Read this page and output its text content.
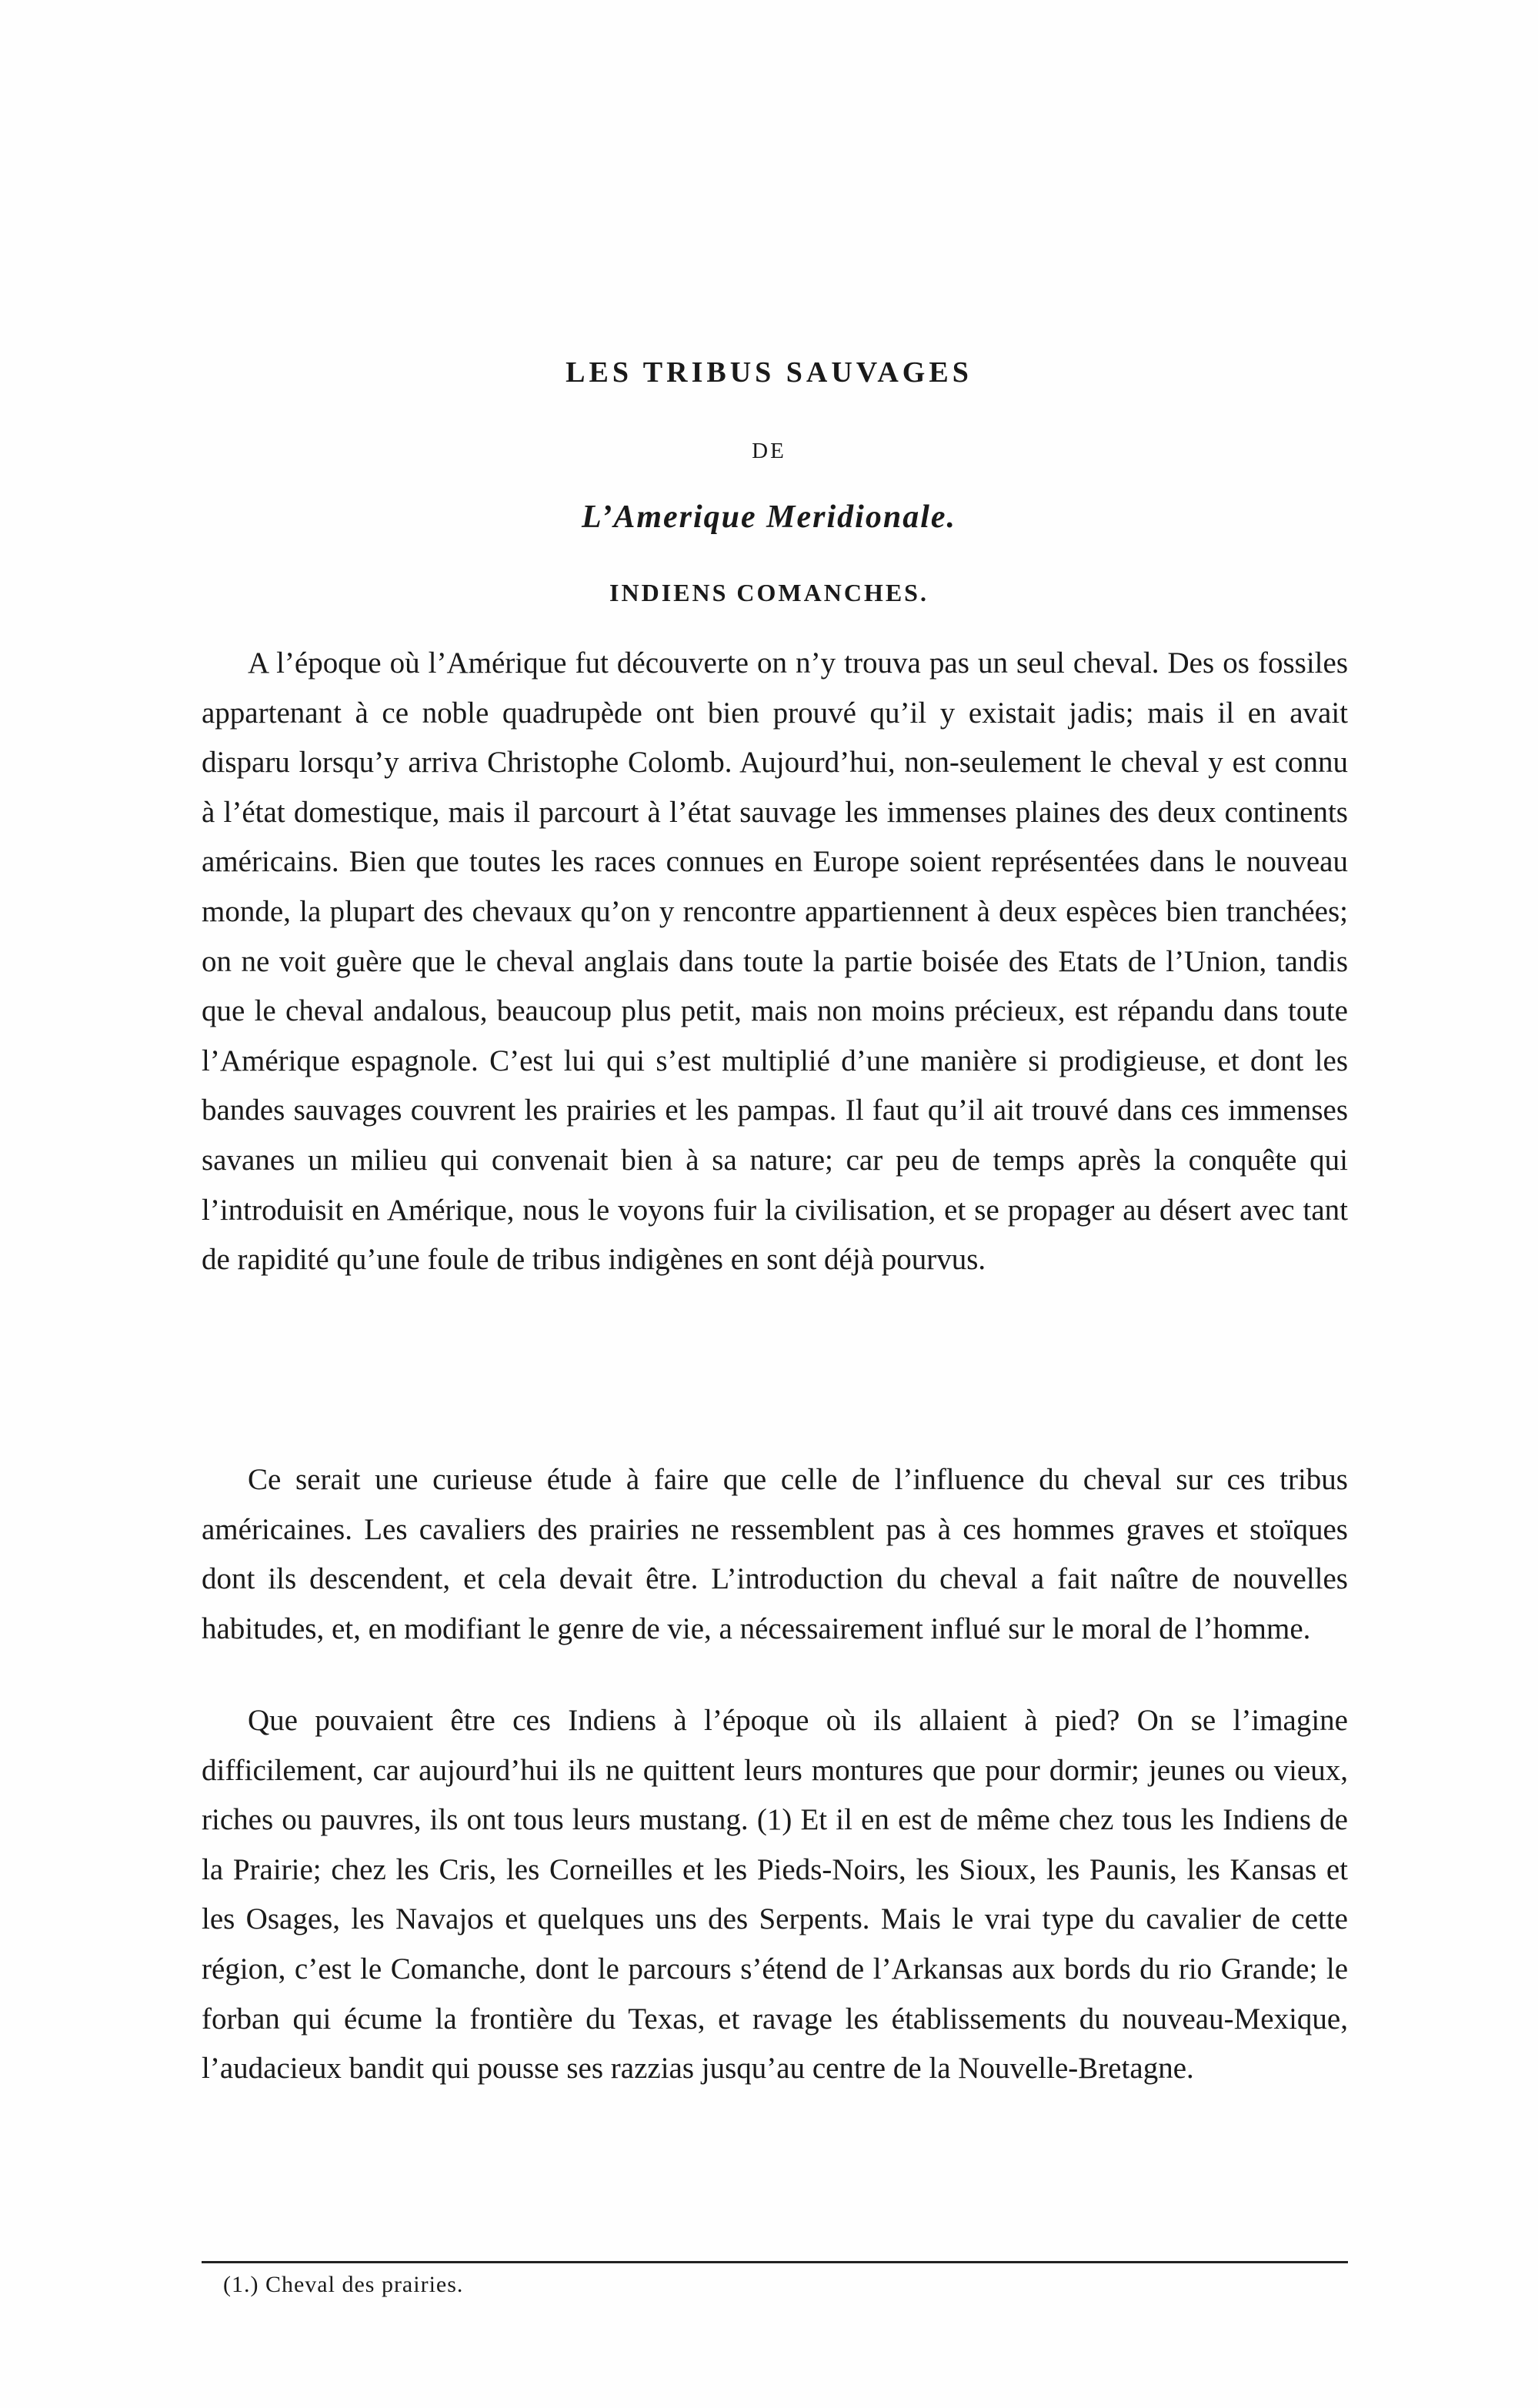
LES TRIBUS SAUVAGES
DE
L’Amerique Meridionale.
INDIENS COMANCHES.

A l’époque où l’Amérique fut découverte on n’y trouva pas un seul cheval. Des os fossiles appartenant à ce noble quadrupède ont bien prouvé qu’il y existait jadis; mais il en avait disparu lorsqu’y arriva Christophe Colomb. Aujourd’hui, non-seulement le cheval y est connu à l’état domestique, mais il parcourt à l’état sauvage les immenses plaines des deux continents américains. Bien que toutes les races connues en Europe soient représentées dans le nouveau monde, la plupart des chevaux qu’on y rencontre appartiennent à deux espèces bien tranchées; on ne voit guère que le cheval anglais dans toute la partie boisée des Etats de l’Union, tandis que le cheval andalous, beaucoup plus petit, mais non moins précieux, est répandu dans toute l’Amérique espagnole. C’est lui qui s’est multiplié d’une manière si prodigieuse, et dont les bandes sauvages couvrent les prairies et les pampas. Il faut qu’il ait trouvé dans ces immenses savanes un milieu qui convenait bien à sa nature; car peu de temps après la conquête qui l’introduisit en Amérique, nous le voyons fuir la civilisation, et se propager au désert avec tant de rapidité qu’une foule de tribus indigènes en sont déjà pourvus.

Ce serait une curieuse étude à faire que celle de l’influence du cheval sur ces tribus américaines. Les cavaliers des prairies ne ressemblent pas à ces hommes graves et stoïques dont ils descendent, et cela devait être. L’introduction du cheval a fait naître de nouvelles habitudes, et, en modifiant le genre de vie, a nécessairement influé sur le moral de l’homme.

Que pouvaient être ces Indiens à l’époque où ils allaient à pied? On se l’imagine difficilement, car aujourd’hui ils ne quittent leurs montures que pour dormir; jeunes ou vieux, riches ou pauvres, ils ont tous leurs mustang. (1) Et il en est de même chez tous les Indiens de la Prairie; chez les Cris, les Corneilles et les Pieds-Noirs, les Sioux, les Paunis, les Kansas et les Osages, les Navajos et quelques uns des Serpents. Mais le vrai type du cavalier de cette région, c’est le Comanche, dont le parcours s’étend de l’Arkansas aux bords du rio Grande; le forban qui écume la frontière du Texas, et ravage les établissements du nouveau-Mexique, l’audacieux bandit qui pousse ses razzias jusqu’au centre de la Nouvelle-Bretagne.

(1.) Cheval des prairies.
